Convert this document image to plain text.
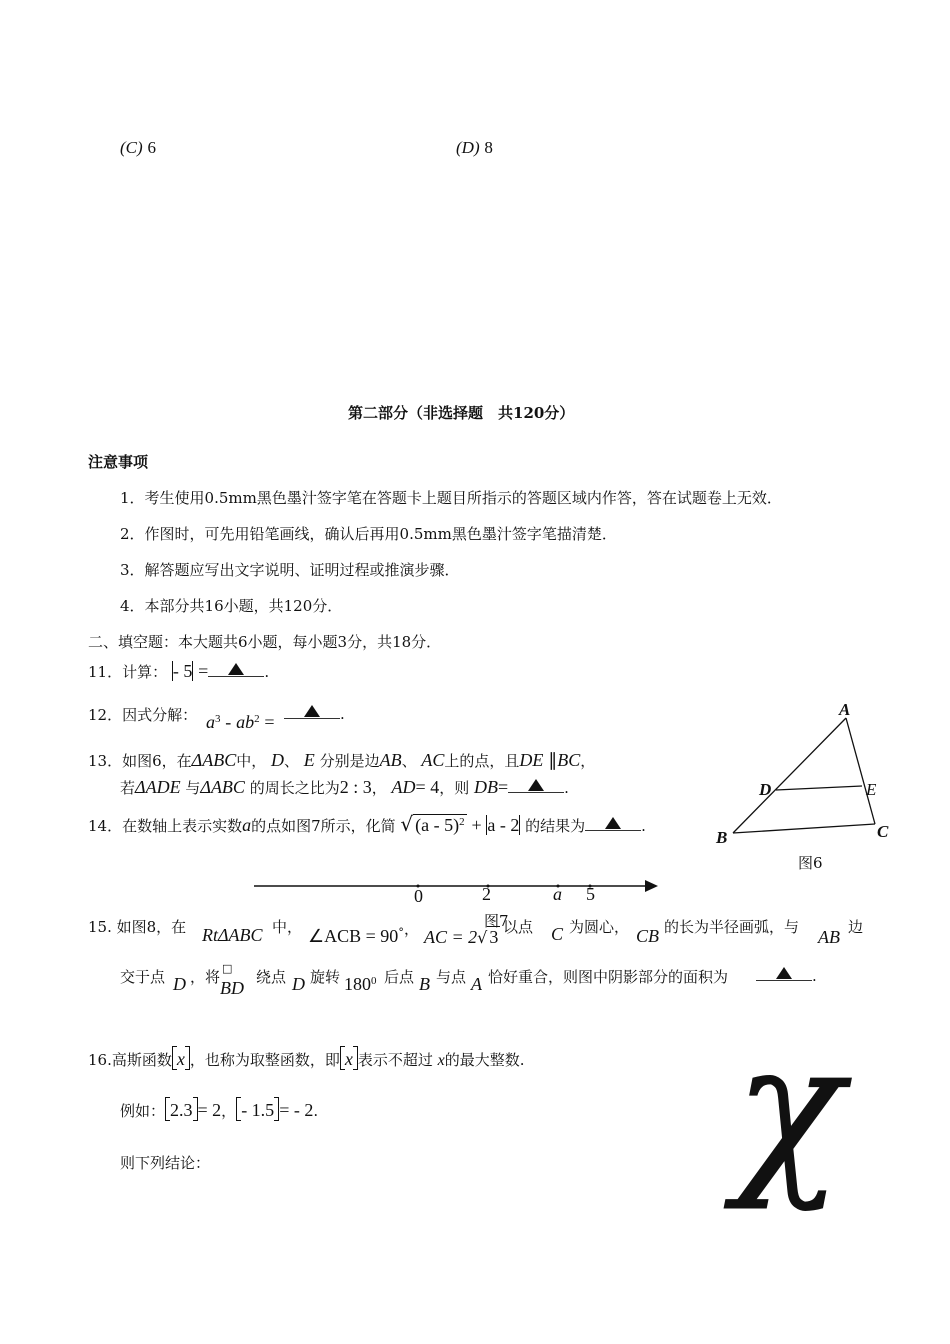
(C) 6	(D) 8
第二部分（非选择题　共120分）
注意事项
1．考生使用0.5mm黑色墨汁签字笔在答题卡上题目所指示的答题区域内作答，答在试题卷上无效．
2．作图时，可先用铅笔画线，确认后再用0.5mm黑色墨汁签字笔描清楚．
3．解答题应写出文字说明、证明过程或推演步骤．
4．本部分共16小题，共120分．
二、填空题：本大题共6小题，每小题3分，共18分．
11．计算： - 5 =	.
12．因式分解： $a^3 - ab^2$ =	.
13．如图6，在ΔABC中， D、 E 分别是边AB、 AC上的点，且DE ∥BC，
若ΔADE 与ΔABC 的周长之比为2 : 3， AD= 4，则 DB=	.
14．在数轴上表示实数a的点如图7所示，化简 √ (a - 5)$^2$ + a - 2 的结果为	.
0	2	a 5
图7
15. 如图8，在 RtΔABC 中， ∠ACB = 90° ， AC = 2√ 3 以点 C 为圆心， CB 的长为半径画弧，与 AB 边
交于点 D ，将 □
BD
绕点 D 旋转 $180^0$ 后点 B 与点 A 恰好重合，则图中阴影部分的面积为	.
16.高斯函数 x ，也称为取整函数，即 x 表示不超过 x的最大整数.
例如： 2.3 = 2， - 1.5 = - 2.
则下列结论：
A
D	E
B	C
图6
χ
